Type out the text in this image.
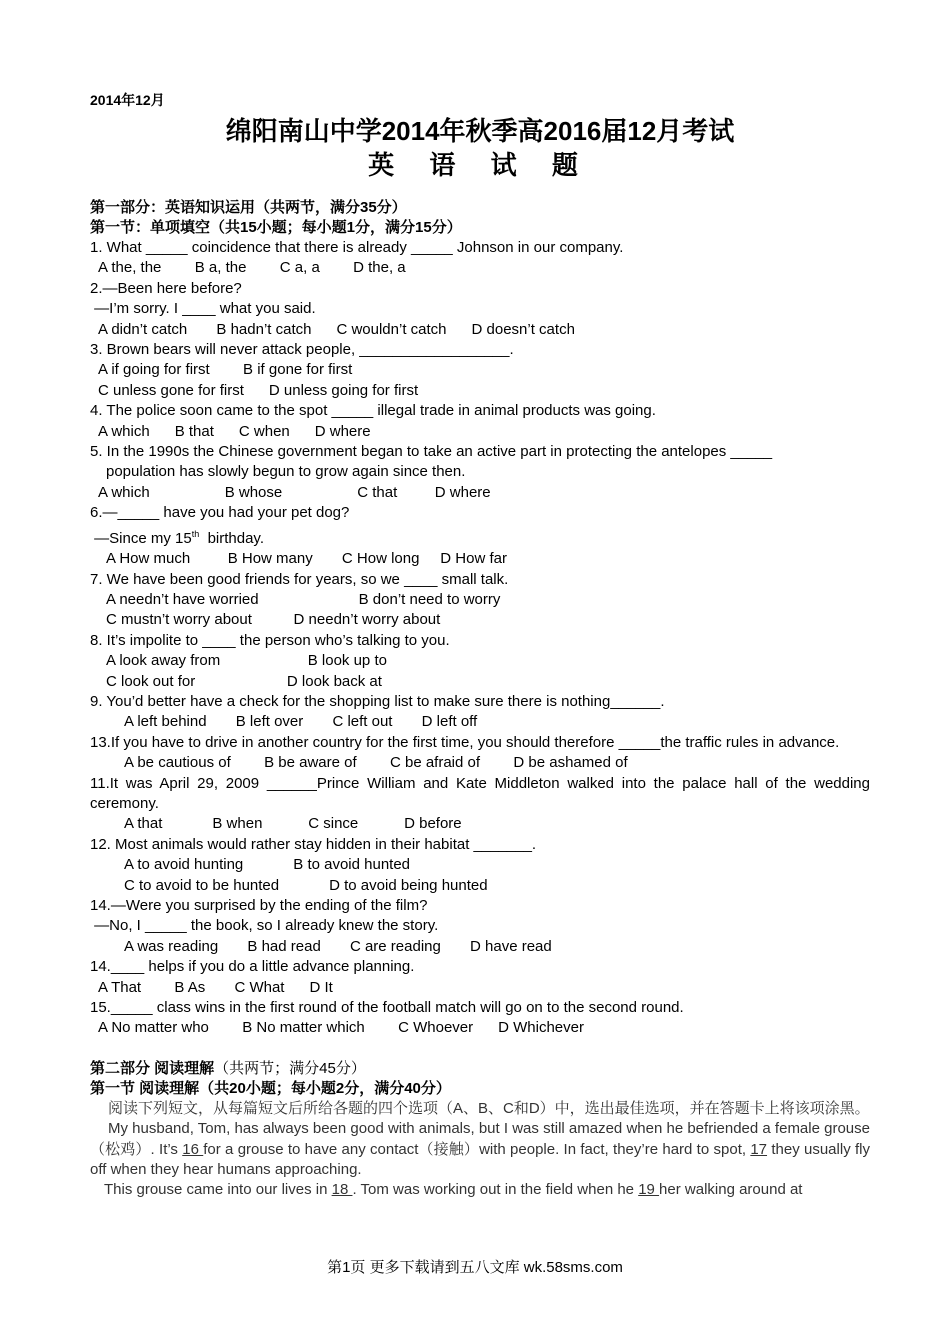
2014年12月
绵阳南山中学2014年秋季高2016届12月考试
英 语 试 题
第一部分：英语知识运用（共两节，满分35分）
第一节：单项填空（共15小题；每小题1分，满分15分）
1. What _____ coincidence that there is already _____ Johnson in our company.
A the, the        B a, the        C a, a        D the, a
2.—Been here before?
—I’m sorry. I ____ what you said.
A didn’t catch       B hadn’t catch      C wouldn’t catch      D doesn’t catch
3. Brown bears will never attack people, __________________.
A if going for first        B if gone for first
C unless gone for first      D unless going for first
4. The police soon came to the spot _____ illegal trade in animal products was going.
A which      B that      C when      D where
5. In the 1990s the Chinese government began to take an active part in protecting the antelopes _____
population has slowly begun to grow again since then.
A which                  B whose                  C that         D where
6.—_____ have you had your pet dog?
—Since my 15th  birthday.
A How much         B How many       C How long     D How far
7. We have been good friends for years, so we ____ small talk.
A needn’t have worried                        B don’t need to worry
C mustn’t worry about          D needn’t worry about
8. It’s impolite to ____ the person who’s talking to you.
A look away from                     B look up to
C look out for                      D look back at
9. You’d better have a check for the shopping list to make sure there is nothing______.
A left behind       B left over       C left out       D left off
13.If you have to drive in another country for the first time, you should therefore _____the traffic rules in advance.
A be cautious of        B be aware of        C be afraid of        D be ashamed of
11.It was April 29, 2009 ______Prince William and Kate Middleton walked into the palace hall of the wedding ceremony.
A that            B when           C since           D before
12. Most animals would rather stay hidden in their habitat _______.
A to avoid hunting            B to avoid hunted
C to avoid to be hunted            D to avoid being hunted
14.—Were you surprised by the ending of the film?
—No, I _____ the book, so I already knew the story.
A was reading       B had read       C are reading       D have read
14.____ helps if you do a little advance planning.
A That        B As       C What      D It
15._____ class wins in the first round of the football match will go on to the second round.
A No matter who        B No matter which        C Whoever      D Whichever
第二部分 阅读理解（共两节；满分45分）
第一节 阅读理解（共20小题；每小题2分，满分40分）
阅读下列短文，从每篇短文后所给各题的四个选项（A、B、C和D）中，选出最佳选项，并在答题卡上将该项涂黑。
My husband, Tom, has always been good with animals, but I was still amazed when he befriended a female grouse（松鸡）. It’s 16 for a grouse to have any contact（接触）with people. In fact, they’re hard to spot, 17 they usually fly off when they hear humans approaching.
This grouse came into our lives in 18 . Tom was working out in the field when he 19 her walking around at
第1页 更多下载请到五八文库 wk.58sms.com
